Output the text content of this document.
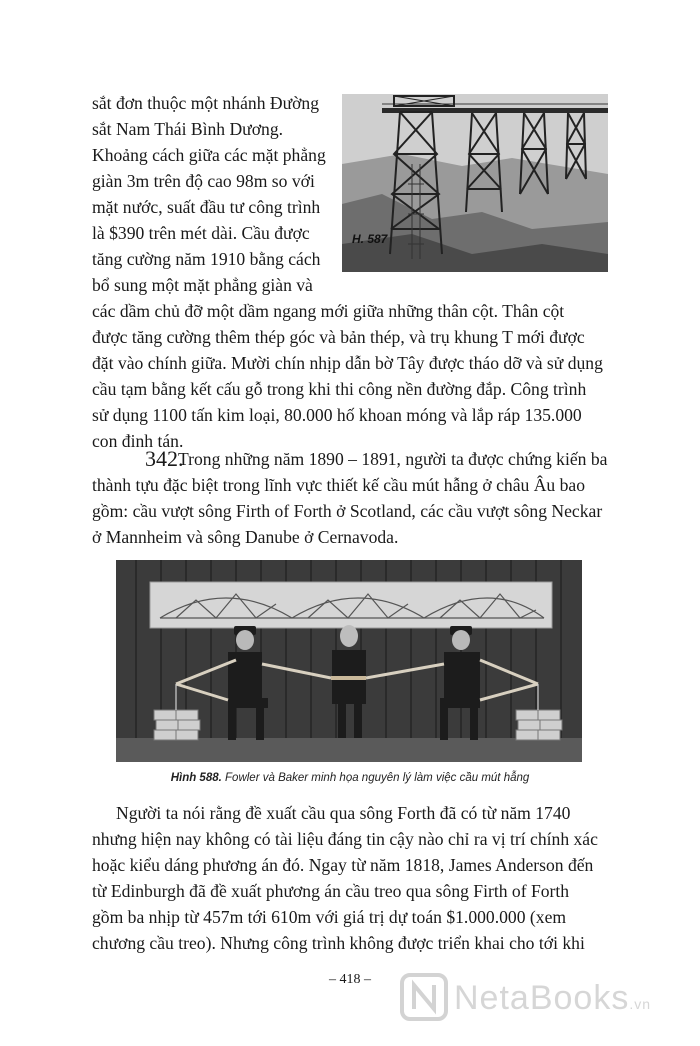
sắt đơn thuộc một nhánh Đường
sắt Nam Thái Bình Dương.
Khoảng cách giữa các mặt phẳng
giàn 3m trên độ cao 98m so với
mặt nước, suất đầu tư công trình
là $390 trên mét dài. Cầu được
tăng cường năm 1910 bằng cách
bổ sung một mặt phẳng giàn và
các dầm chủ đỡ một dầm ngang mới giữa những thân cột. Thân cột
được tăng cường thêm thép góc và bản thép, và trụ khung T mới được
đặt vào chính giữa. Mười chín nhịp dẫn bờ Tây được tháo dỡ và sử dụng
cầu tạm bằng kết cấu gỗ trong khi thi công nền đường đắp. Công trình
sử dụng 1100 tấn kim loại, 80.000 hố khoan móng và lắp ráp 135.000
con đinh tán.
H. 587
342.
Trong những năm 1890 – 1891, người ta được chứng kiến ba
thành tựu đặc biệt trong lĩnh vực thiết kế cầu mút hẫng ở châu Âu bao
gồm: cầu vượt sông Firth of Forth ở Scotland, các cầu vượt sông Neckar
ở Mannheim và sông Danube ở Cernavoda.
Hình 588. Fowler và Baker minh họa nguyên lý làm việc cầu mút hẫng
Người ta nói rằng đề xuất cầu qua sông Forth đã có từ năm 1740
nhưng hiện nay không có tài liệu đáng tin cậy nào chỉ ra vị trí chính xác
hoặc kiểu dáng phương án đó. Ngay từ năm 1818, James Anderson đến
từ Edinburgh đã đề xuất phương án cầu treo qua sông Firth of Forth
gồm ba nhịp từ 457m tới 610m với giá trị dự toán $1.000.000 (xem
chương cầu treo). Nhưng công trình không được triển khai cho tới khi
– 418 –	NetaBooks.vn
